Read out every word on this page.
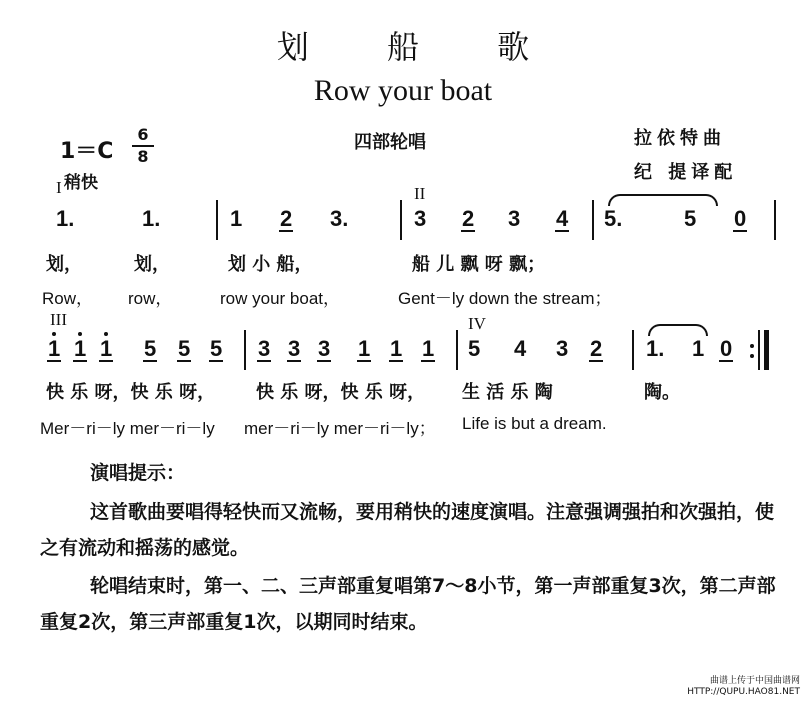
划 船 歌
Row your boat
1＝C
6
8
稍快
四部轮唱	拉依特曲
纪 提译配
I	II
1.	1.	1 2 3.	3 2 3 4 5.	5 0
划，	划，	划 小 船，	船 儿 飘 呀 飘；
Row， row，	row your boat，	Gent－ly down the stream；
III	IV
1 1 1 5 5 5 3 3 3 1 1 1 5 4 3 2 1. 1 0
快 乐 呀，快 乐 呀， 快 乐 呀，快 乐 呀， 生 活 乐 陶	陶。
Mer－ri－ly mer－ri－ly mer－ri－ly mer－ri－ly； Life is but a dream.
演唱提示：
这首歌曲要唱得轻快而又流畅，要用稍快的速度演唱。注意强调强拍和次强拍，使之有流动和摇荡的感觉。
轮唱结束时，第一、二、三声部重复唱第7～8小节，第一声部重复3次，第二声部重复2次，第三声部重复1次，以期同时结束。
曲谱上传于中国曲谱网
HTTP://QUPU.HAO81.NET
